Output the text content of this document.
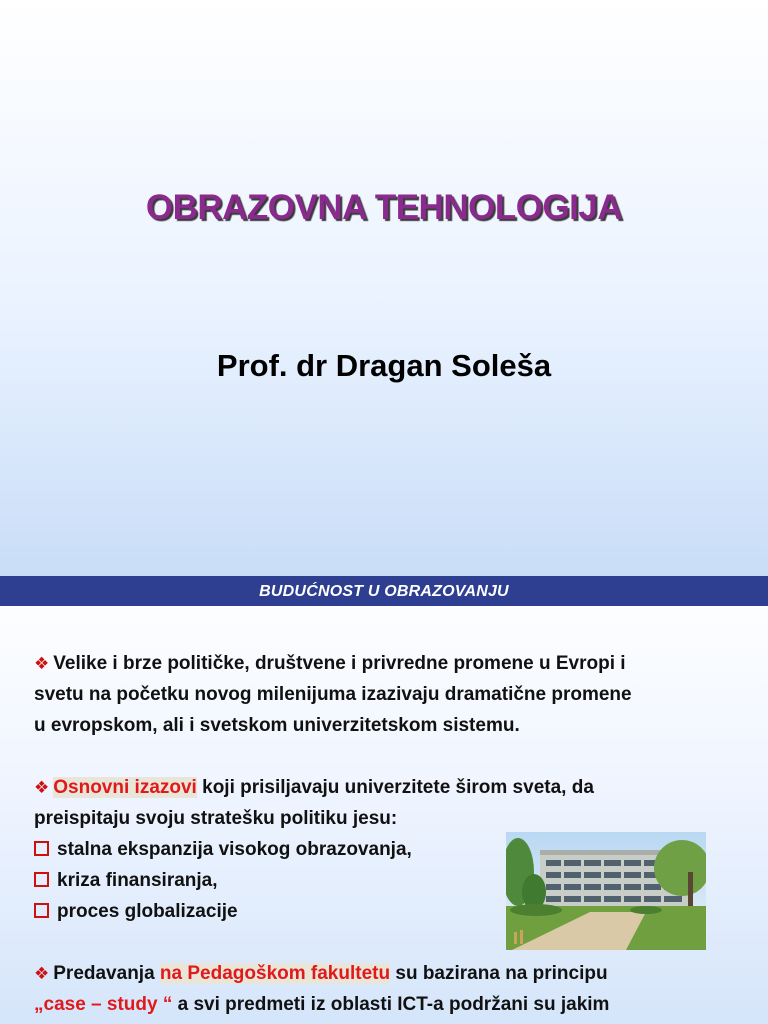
OBRAZOVNA TEHNOLOGIJA
Prof. dr Dragan Soleša
BUDUĆNOST U OBRAZOVANJU
❖ Velike i brze političke, društvene i privredne promene u Evropi i
svetu na početku novog milenijuma izazivaju dramatične promene
u evropskom, ali i svetskom univerzitetskom sistemu.
❖ Osnovni izazovi koji prisiljavaju univerzitete širom sveta, da
preispitaju svoju stratešku politiku jesu:
stalna ekspanzija visokog obrazovanja,
kriza finansiranja,
proces globalizacije
❖ Predavanja na Pedagoškom fakultetu su bazirana na principu
„case – study “ a svi predmeti iz oblasti ICT-a podržani su jakim
